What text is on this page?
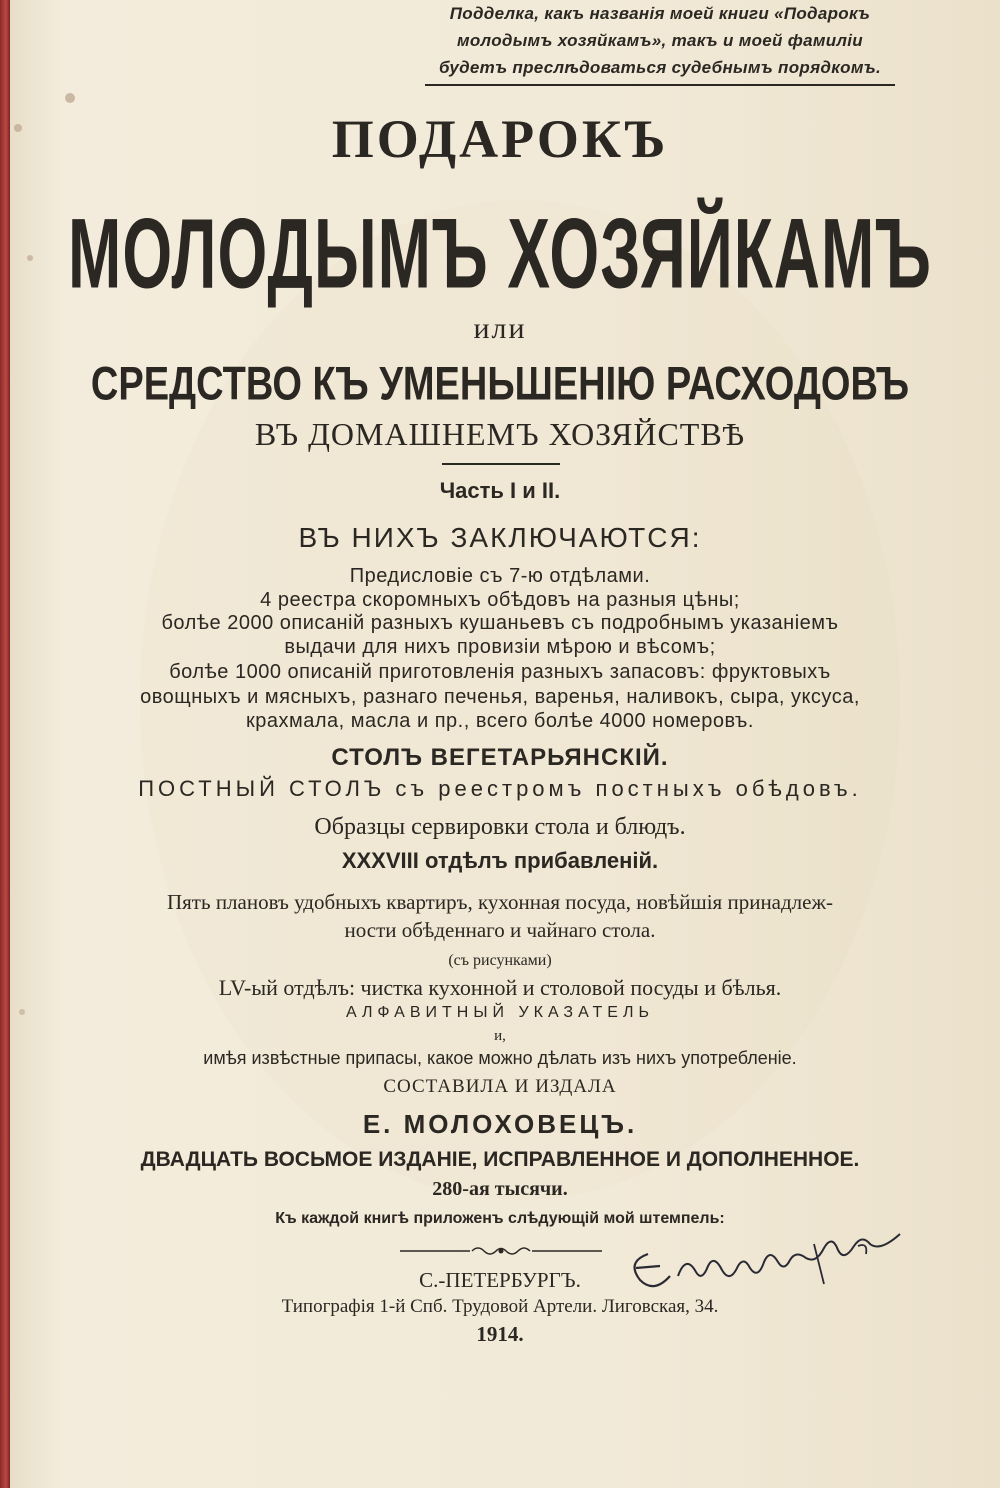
Подделка, какъ названія моей книги «Подарокъ
молодымъ хозяйкамъ», такъ и моей фамиліи
будетъ преслѣдоваться судебнымъ порядкомъ.
ПОДАРОКЪ
МОЛОДЫМЪ ХОЗЯЙКАМЪ
или
СРЕДСТВО КЪ УМЕНЬШЕНІЮ РАСХОДОВЪ
ВЪ ДОМАШНЕМЪ ХОЗЯЙСТВѢ
Часть I и II.
ВЪ НИХЪ ЗАКЛЮЧАЮТСЯ:
Предисловіе съ 7-ю отдѣлами.
4 реестра скоромныхъ обѣдовъ на разныя цѣны;
болѣе 2000 описаній разныхъ кушаньевъ съ подробнымъ указаніемъ
выдачи для нихъ провизіи мѣрою и вѣсомъ;
болѣе 1000 описаній приготовленія разныхъ запасовъ: фруктовыхъ
овощныхъ и мясныхъ, разнаго печенья, варенья, наливокъ, сыра, уксуса,
крахмала, масла и пр., всего болѣе 4000 номеровъ.
СТОЛЪ ВЕГЕТАРЬЯНСКІЙ.
ПОСТНЫЙ СТОЛЪ съ реестромъ постныхъ обѣдовъ.
Образцы сервировки стола и блюдъ.
XXXVIII отдѣлъ прибавленій.
Пять плановъ удобныхъ квартиръ, кухонная посуда, новѣйшія принадлеж-
ности обѣденнаго и чайнаго стола.
(съ рисунками)
LV-ый отдѣлъ: чистка кухонной и столовой посуды и бѣлья.
АЛФАВИТНЫЙ УКАЗАТЕЛЬ
и,
имѣя извѣстные припасы, какое можно дѣлать изъ нихъ употребленіе.
СОСТАВИЛА И ИЗДАЛА
Е. МОЛОХОВЕЦЪ.
ДВАДЦАТЬ ВОСЬМОЕ ИЗДАНІЕ, ИСПРАВЛЕННОЕ И ДОПОЛНЕННОЕ.
280-ая тысячи.
Къ каждой книгѣ приложенъ слѣдующій мой штемпель:
С.-ПЕТЕРБУРГЪ.
Типографія 1-й Спб. Трудовой Артели. Лиговская, 34.
1914.
